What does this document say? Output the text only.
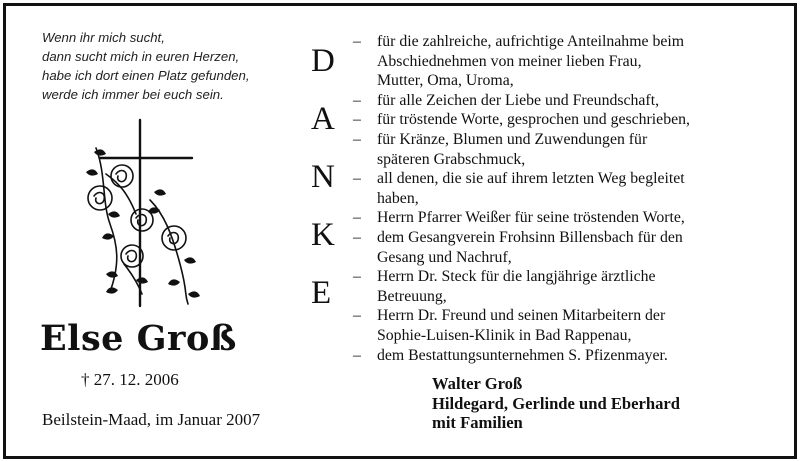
Wenn ihr mich sucht,
dann sucht mich in euren Herzen,
habe ich dort einen Platz gefunden,
werde ich immer bei euch sein.
Else Groß
† 27. 12. 2006
Beilstein-Maad, im Januar 2007
D
A
N
K
E
–	für die zahlreiche, aufrichtige Anteilnahme beim
Abschiednehmen von meiner lieben Frau,
Mutter, Oma, Uroma,
–	für alle Zeichen der Liebe und Freundschaft,
–	für tröstende Worte, gesprochen und geschrieben,
–	für Kränze, Blumen und Zuwendungen für
späteren Grabschmuck,
–	all denen, die sie auf ihrem letzten Weg begleitet
haben,
–	Herrn Pfarrer Weißer für seine tröstenden Worte,
–	dem Gesangverein Frohsinn Billensbach für den
Gesang und Nachruf,
–	Herrn Dr. Steck für die langjährige ärztliche
Betreuung,
–	Herrn Dr. Freund und seinen Mitarbeitern der
Sophie-Luisen-Klinik in Bad Rappenau,
–	dem Bestattungsunternehmen S. Pfizenmayer.
Walter Groß
Hildegard, Gerlinde und Eberhard
mit Familien
